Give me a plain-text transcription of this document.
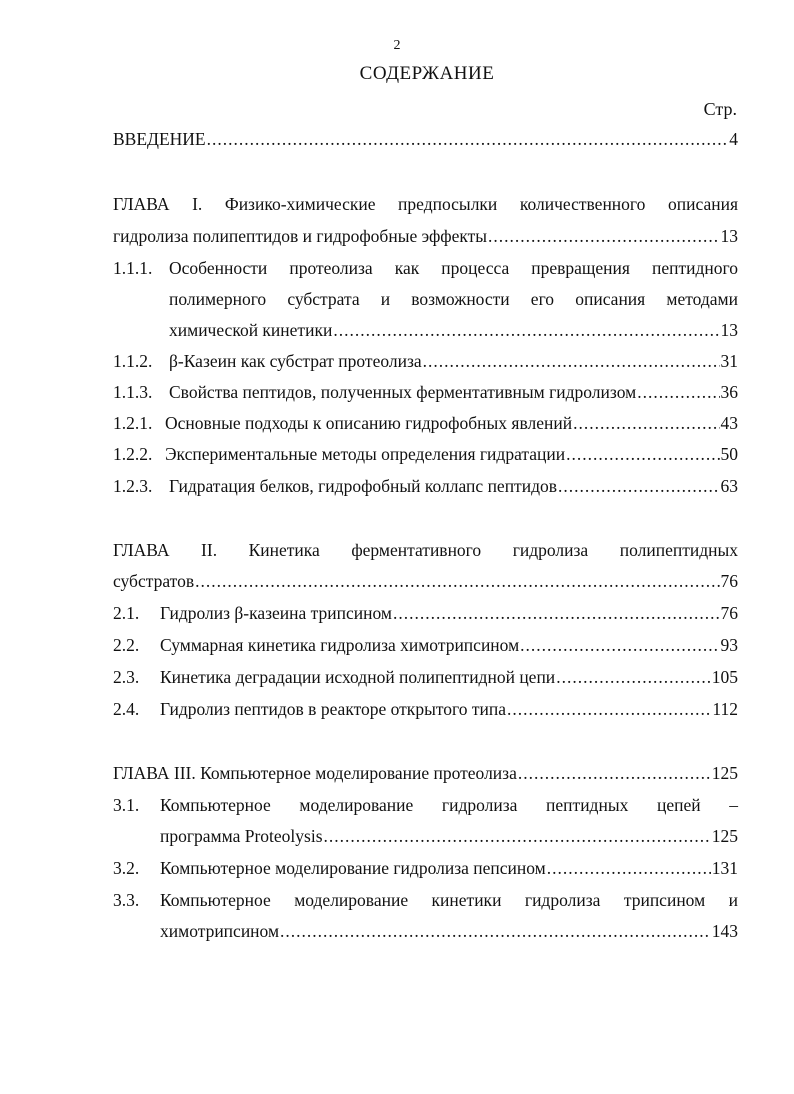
2
СОДЕРЖАНИЕ
Стр.
ВВЕДЕНИЕ .....	4
ГЛАВА I. Физико-химические предпосылки количественного описания
гидролиза полипептидов и гидрофобные эффекты .....	13
1.1.1. Особенности протеолиза как процесса превращения пептидного
полимерного субстрата и возможности его описания методами
химической кинетики .....	13
1.1.2. β-Казеин как субстрат протеолиза .....	31
1.1.3. Свойства пептидов, полученных ферментативным гидролизом .....	36
1.2.1. Основные подходы к описанию гидрофобных явлений .....	43
1.2.2. Экспериментальные методы определения гидратации .....	50
1.2.3. Гидратация белков, гидрофобный коллапс пептидов .....	63
ГЛАВА II. Кинетика ферментативного гидролиза полипептидных
субстратов .....	76
2.1.	Гидролиз β-казеина трипсином .....	76
2.2.	Суммарная кинетика гидролиза химотрипсином .....	93
2.3.	Кинетика деградации исходной полипептидной цепи .....	105
2.4.	Гидролиз пептидов в реакторе открытого типа .....	112
ГЛАВА III. Компьютерное моделирование протеолиза .....	125
3.1.	Компьютерное моделирование гидролиза пептидных цепей –
программа Proteolysis .....	125
3.2.	Компьютерное моделирование гидролиза пепсином .....	131
3.3.	Компьютерное моделирование кинетики гидролиза трипсином и
химотрипсином .....	143
